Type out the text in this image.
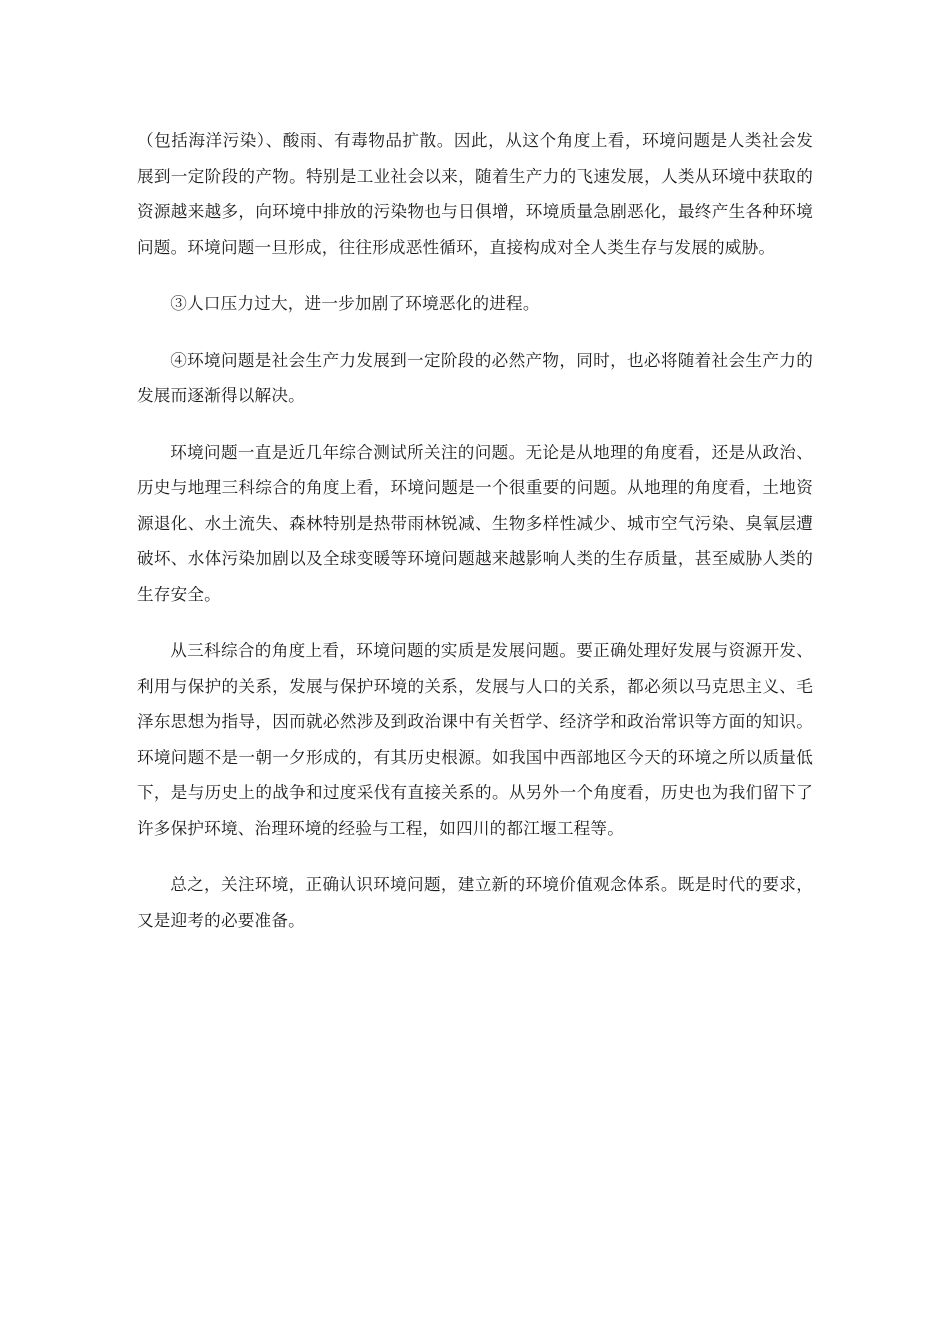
（包括海洋污染）、酸雨、有毒物品扩散。因此，从这个角度上看，环境问题是人类社会发展到一定阶段的产物。特别是工业社会以来，随着生产力的飞速发展，人类从环境中获取的资源越来越多，向环境中排放的污染物也与日俱增，环境质量急剧恶化，最终产生各种环境问题。环境问题一旦形成，往往形成恶性循环，直接构成对全人类生存与发展的威胁。

③人口压力过大，进一步加剧了环境恶化的进程。

④环境问题是社会生产力发展到一定阶段的必然产物，同时，也必将随着社会生产力的发展而逐渐得以解决。

环境问题一直是近几年综合测试所关注的问题。无论是从地理的角度看，还是从政治、历史与地理三科综合的角度上看，环境问题是一个很重要的问题。从地理的角度看，土地资源退化、水土流失、森林特别是热带雨林锐减、生物多样性减少、城市空气污染、臭氧层遭破坏、水体污染加剧以及全球变暖等环境问题越来越影响人类的生存质量，甚至威胁人类的生存安全。

从三科综合的角度上看，环境问题的实质是发展问题。要正确处理好发展与资源开发、利用与保护的关系，发展与保护环境的关系，发展与人口的关系，都必须以马克思主义、毛泽东思想为指导，因而就必然涉及到政治课中有关哲学、经济学和政治常识等方面的知识。环境问题不是一朝一夕形成的，有其历史根源。如我国中西部地区今天的环境之所以质量低下，是与历史上的战争和过度采伐有直接关系的。从另外一个角度看，历史也为我们留下了许多保护环境、治理环境的经验与工程，如四川的都江堰工程等。

总之，关注环境，正确认识环境问题，建立新的环境价值观念体系。既是时代的要求，又是迎考的必要准备。
